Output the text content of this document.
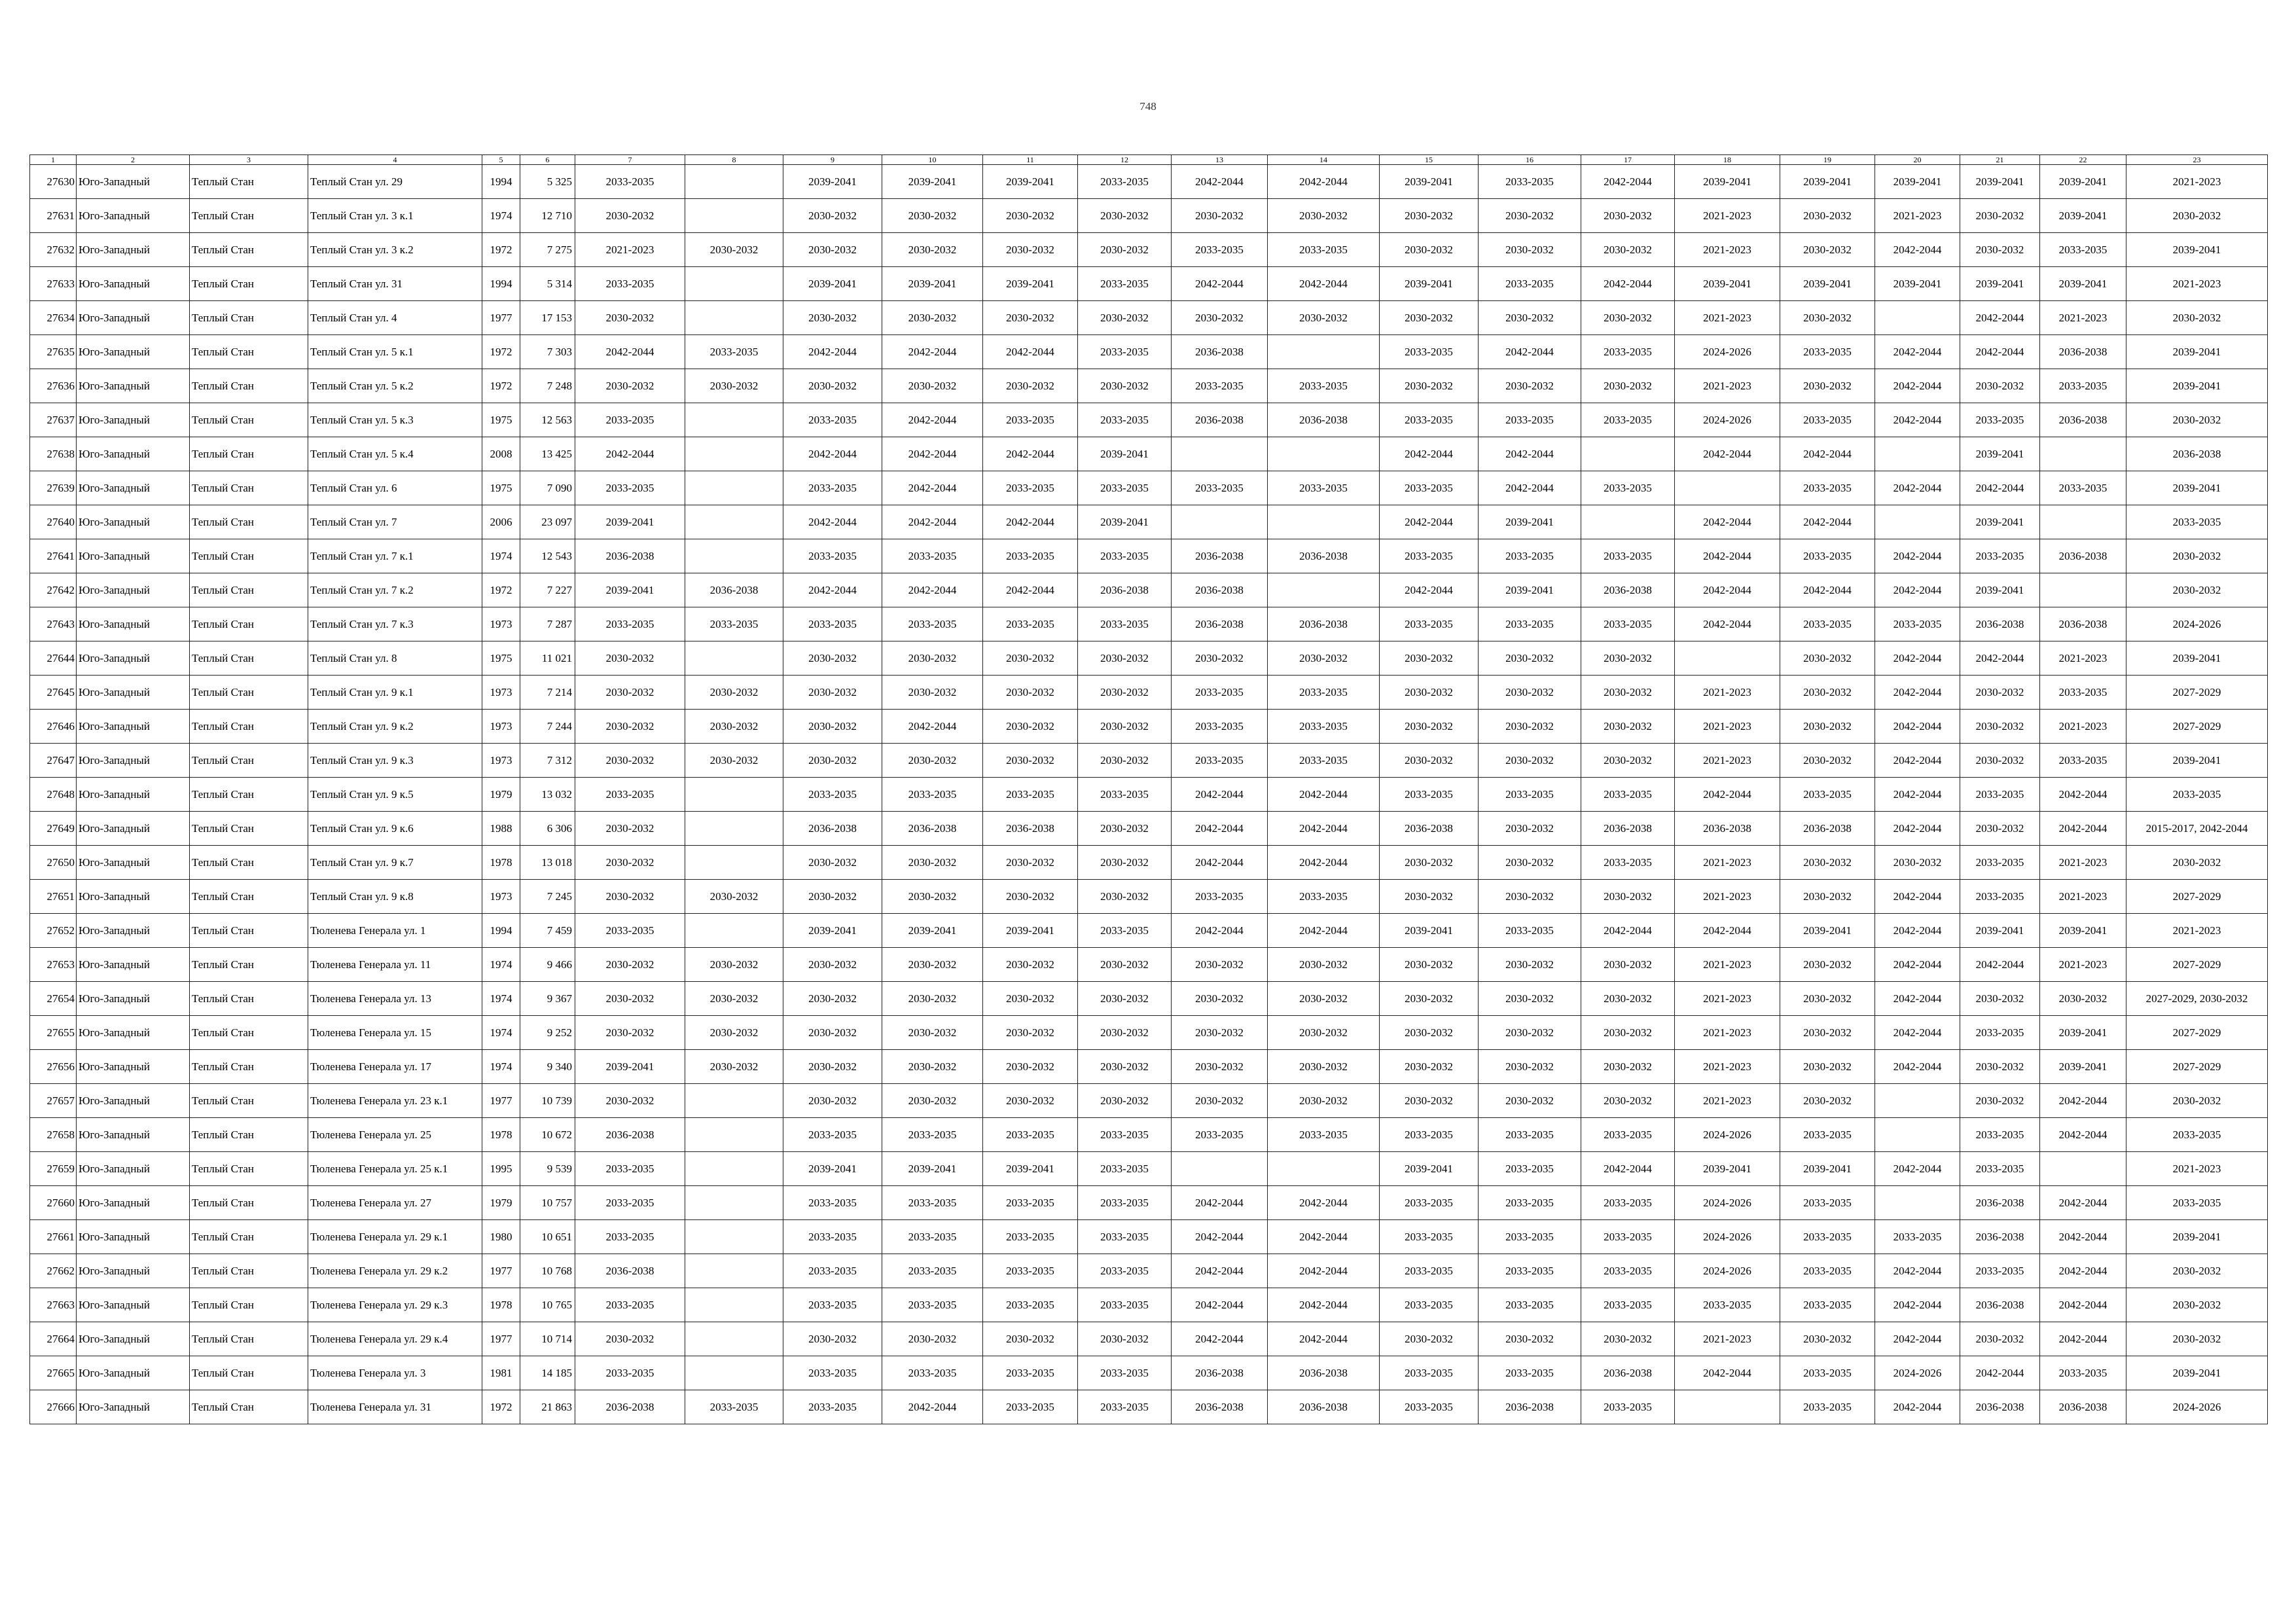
748
1	2	3	4	5	6	7	8	9	10	11	12	13	14	15	16	17	18	19	20	21	22	23
27630	Юго-Западный	Теплый Стан	Теплый Стан ул. 29	1994	5 325	2033-2035		2039-2041	2039-2041	2039-2041	2033-2035	2042-2044	2042-2044	2039-2041	2033-2035	2042-2044	2039-2041	2039-2041	2039-2041	2039-2041	2039-2041	2021-2023
27631	Юго-Западный	Теплый Стан	Теплый Стан ул. 3 к.1	1974	12 710	2030-2032		2030-2032	2030-2032	2030-2032	2030-2032	2030-2032	2030-2032	2030-2032	2030-2032	2030-2032	2021-2023	2030-2032	2021-2023	2030-2032	2039-2041	2030-2032
27632	Юго-Западный	Теплый Стан	Теплый Стан ул. 3 к.2	1972	7 275	2021-2023	2030-2032	2030-2032	2030-2032	2030-2032	2030-2032	2033-2035	2033-2035	2030-2032	2030-2032	2030-2032	2021-2023	2030-2032	2042-2044	2030-2032	2033-2035	2039-2041
27633	Юго-Западный	Теплый Стан	Теплый Стан ул. 31	1994	5 314	2033-2035		2039-2041	2039-2041	2039-2041	2033-2035	2042-2044	2042-2044	2039-2041	2033-2035	2042-2044	2039-2041	2039-2041	2039-2041	2039-2041	2039-2041	2021-2023
27634	Юго-Западный	Теплый Стан	Теплый Стан ул. 4	1977	17 153	2030-2032		2030-2032	2030-2032	2030-2032	2030-2032	2030-2032	2030-2032	2030-2032	2030-2032	2030-2032	2021-2023	2030-2032		2042-2044	2021-2023	2030-2032
27635	Юго-Западный	Теплый Стан	Теплый Стан ул. 5 к.1	1972	7 303	2042-2044	2033-2035	2042-2044	2042-2044	2042-2044	2033-2035	2036-2038		2033-2035	2042-2044	2033-2035	2024-2026	2033-2035	2042-2044	2042-2044	2036-2038	2039-2041
27636	Юго-Западный	Теплый Стан	Теплый Стан ул. 5 к.2	1972	7 248	2030-2032	2030-2032	2030-2032	2030-2032	2030-2032	2030-2032	2033-2035	2033-2035	2030-2032	2030-2032	2030-2032	2021-2023	2030-2032	2042-2044	2030-2032	2033-2035	2039-2041
27637	Юго-Западный	Теплый Стан	Теплый Стан ул. 5 к.3	1975	12 563	2033-2035		2033-2035	2042-2044	2033-2035	2033-2035	2036-2038	2036-2038	2033-2035	2033-2035	2033-2035	2024-2026	2033-2035	2042-2044	2033-2035	2036-2038	2030-2032
27638	Юго-Западный	Теплый Стан	Теплый Стан ул. 5 к.4	2008	13 425	2042-2044		2042-2044	2042-2044	2042-2044	2039-2041			2042-2044	2042-2044		2042-2044	2042-2044		2039-2041		2036-2038
27639	Юго-Западный	Теплый Стан	Теплый Стан ул. 6	1975	7 090	2033-2035		2033-2035	2042-2044	2033-2035	2033-2035	2033-2035	2033-2035	2033-2035	2042-2044	2033-2035		2033-2035	2042-2044	2042-2044	2033-2035	2039-2041
27640	Юго-Западный	Теплый Стан	Теплый Стан ул. 7	2006	23 097	2039-2041		2042-2044	2042-2044	2042-2044	2039-2041			2042-2044	2039-2041		2042-2044	2042-2044		2039-2041		2033-2035
27641	Юго-Западный	Теплый Стан	Теплый Стан ул. 7 к.1	1974	12 543	2036-2038		2033-2035	2033-2035	2033-2035	2033-2035	2036-2038	2036-2038	2033-2035	2033-2035	2033-2035	2042-2044	2033-2035	2042-2044	2033-2035	2036-2038	2030-2032
27642	Юго-Западный	Теплый Стан	Теплый Стан ул. 7 к.2	1972	7 227	2039-2041	2036-2038	2042-2044	2042-2044	2042-2044	2036-2038	2036-2038		2042-2044	2039-2041	2036-2038	2042-2044	2042-2044	2042-2044	2039-2041		2030-2032
27643	Юго-Западный	Теплый Стан	Теплый Стан ул. 7 к.3	1973	7 287	2033-2035	2033-2035	2033-2035	2033-2035	2033-2035	2033-2035	2036-2038	2036-2038	2033-2035	2033-2035	2033-2035	2042-2044	2033-2035	2033-2035	2036-2038	2036-2038	2024-2026
27644	Юго-Западный	Теплый Стан	Теплый Стан ул. 8	1975	11 021	2030-2032		2030-2032	2030-2032	2030-2032	2030-2032	2030-2032	2030-2032	2030-2032	2030-2032	2030-2032		2030-2032	2042-2044	2042-2044	2021-2023	2039-2041
27645	Юго-Западный	Теплый Стан	Теплый Стан ул. 9 к.1	1973	7 214	2030-2032	2030-2032	2030-2032	2030-2032	2030-2032	2030-2032	2033-2035	2033-2035	2030-2032	2030-2032	2030-2032	2021-2023	2030-2032	2042-2044	2030-2032	2033-2035	2027-2029
27646	Юго-Западный	Теплый Стан	Теплый Стан ул. 9 к.2	1973	7 244	2030-2032	2030-2032	2030-2032	2042-2044	2030-2032	2030-2032	2033-2035	2033-2035	2030-2032	2030-2032	2030-2032	2021-2023	2030-2032	2042-2044	2030-2032	2021-2023	2027-2029
27647	Юго-Западный	Теплый Стан	Теплый Стан ул. 9 к.3	1973	7 312	2030-2032	2030-2032	2030-2032	2030-2032	2030-2032	2030-2032	2033-2035	2033-2035	2030-2032	2030-2032	2030-2032	2021-2023	2030-2032	2042-2044	2030-2032	2033-2035	2039-2041
27648	Юго-Западный	Теплый Стан	Теплый Стан ул. 9 к.5	1979	13 032	2033-2035		2033-2035	2033-2035	2033-2035	2033-2035	2042-2044	2042-2044	2033-2035	2033-2035	2033-2035	2042-2044	2033-2035	2042-2044	2033-2035	2042-2044	2033-2035
27649	Юго-Западный	Теплый Стан	Теплый Стан ул. 9 к.6	1988	6 306	2030-2032		2036-2038	2036-2038	2036-2038	2030-2032	2042-2044	2042-2044	2036-2038	2030-2032	2036-2038	2036-2038	2036-2038	2042-2044	2030-2032	2042-2044	2015-2017, 2042-2044
27650	Юго-Западный	Теплый Стан	Теплый Стан ул. 9 к.7	1978	13 018	2030-2032		2030-2032	2030-2032	2030-2032	2030-2032	2042-2044	2042-2044	2030-2032	2030-2032	2033-2035	2021-2023	2030-2032	2030-2032	2033-2035	2021-2023	2030-2032
27651	Юго-Западный	Теплый Стан	Теплый Стан ул. 9 к.8	1973	7 245	2030-2032	2030-2032	2030-2032	2030-2032	2030-2032	2030-2032	2033-2035	2033-2035	2030-2032	2030-2032	2030-2032	2021-2023	2030-2032	2042-2044	2033-2035	2021-2023	2027-2029
27652	Юго-Западный	Теплый Стан	Тюленева Генерала ул. 1	1994	7 459	2033-2035		2039-2041	2039-2041	2039-2041	2033-2035	2042-2044	2042-2044	2039-2041	2033-2035	2042-2044	2042-2044	2039-2041	2042-2044	2039-2041	2039-2041	2021-2023
27653	Юго-Западный	Теплый Стан	Тюленева Генерала ул. 11	1974	9 466	2030-2032	2030-2032	2030-2032	2030-2032	2030-2032	2030-2032	2030-2032	2030-2032	2030-2032	2030-2032	2030-2032	2021-2023	2030-2032	2042-2044	2042-2044	2021-2023	2027-2029
27654	Юго-Западный	Теплый Стан	Тюленева Генерала ул. 13	1974	9 367	2030-2032	2030-2032	2030-2032	2030-2032	2030-2032	2030-2032	2030-2032	2030-2032	2030-2032	2030-2032	2030-2032	2021-2023	2030-2032	2042-2044	2030-2032	2030-2032	2027-2029, 2030-2032
27655	Юго-Западный	Теплый Стан	Тюленева Генерала ул. 15	1974	9 252	2030-2032	2030-2032	2030-2032	2030-2032	2030-2032	2030-2032	2030-2032	2030-2032	2030-2032	2030-2032	2030-2032	2021-2023	2030-2032	2042-2044	2033-2035	2039-2041	2027-2029
27656	Юго-Западный	Теплый Стан	Тюленева Генерала ул. 17	1974	9 340	2039-2041	2030-2032	2030-2032	2030-2032	2030-2032	2030-2032	2030-2032	2030-2032	2030-2032	2030-2032	2030-2032	2021-2023	2030-2032	2042-2044	2030-2032	2039-2041	2027-2029
27657	Юго-Западный	Теплый Стан	Тюленева Генерала ул. 23 к.1	1977	10 739	2030-2032		2030-2032	2030-2032	2030-2032	2030-2032	2030-2032	2030-2032	2030-2032	2030-2032	2030-2032	2021-2023	2030-2032		2030-2032	2042-2044	2030-2032
27658	Юго-Западный	Теплый Стан	Тюленева Генерала ул. 25	1978	10 672	2036-2038		2033-2035	2033-2035	2033-2035	2033-2035	2033-2035	2033-2035	2033-2035	2033-2035	2033-2035	2024-2026	2033-2035		2033-2035	2042-2044	2033-2035
27659	Юго-Западный	Теплый Стан	Тюленева Генерала ул. 25 к.1	1995	9 539	2033-2035		2039-2041	2039-2041	2039-2041	2033-2035			2039-2041	2033-2035	2042-2044	2039-2041	2039-2041	2042-2044	2033-2035		2021-2023
27660	Юго-Западный	Теплый Стан	Тюленева Генерала ул. 27	1979	10 757	2033-2035		2033-2035	2033-2035	2033-2035	2033-2035	2042-2044	2042-2044	2033-2035	2033-2035	2033-2035	2024-2026	2033-2035		2036-2038	2042-2044	2033-2035
27661	Юго-Западный	Теплый Стан	Тюленева Генерала ул. 29 к.1	1980	10 651	2033-2035		2033-2035	2033-2035	2033-2035	2033-2035	2042-2044	2042-2044	2033-2035	2033-2035	2033-2035	2024-2026	2033-2035	2033-2035	2036-2038	2042-2044	2039-2041
27662	Юго-Западный	Теплый Стан	Тюленева Генерала ул. 29 к.2	1977	10 768	2036-2038		2033-2035	2033-2035	2033-2035	2033-2035	2042-2044	2042-2044	2033-2035	2033-2035	2033-2035	2024-2026	2033-2035	2042-2044	2033-2035	2042-2044	2030-2032
27663	Юго-Западный	Теплый Стан	Тюленева Генерала ул. 29 к.3	1978	10 765	2033-2035		2033-2035	2033-2035	2033-2035	2033-2035	2042-2044	2042-2044	2033-2035	2033-2035	2033-2035	2033-2035	2033-2035	2042-2044	2036-2038	2042-2044	2030-2032
27664	Юго-Западный	Теплый Стан	Тюленева Генерала ул. 29 к.4	1977	10 714	2030-2032		2030-2032	2030-2032	2030-2032	2030-2032	2042-2044	2042-2044	2030-2032	2030-2032	2030-2032	2021-2023	2030-2032	2042-2044	2030-2032	2042-2044	2030-2032
27665	Юго-Западный	Теплый Стан	Тюленева Генерала ул. 3	1981	14 185	2033-2035		2033-2035	2033-2035	2033-2035	2033-2035	2036-2038	2036-2038	2033-2035	2033-2035	2036-2038	2042-2044	2033-2035	2024-2026	2042-2044	2033-2035	2039-2041
27666	Юго-Западный	Теплый Стан	Тюленева Генерала ул. 31	1972	21 863	2036-2038	2033-2035	2033-2035	2042-2044	2033-2035	2033-2035	2036-2038	2036-2038	2033-2035	2036-2038	2033-2035		2033-2035	2042-2044	2036-2038	2036-2038	2024-2026
